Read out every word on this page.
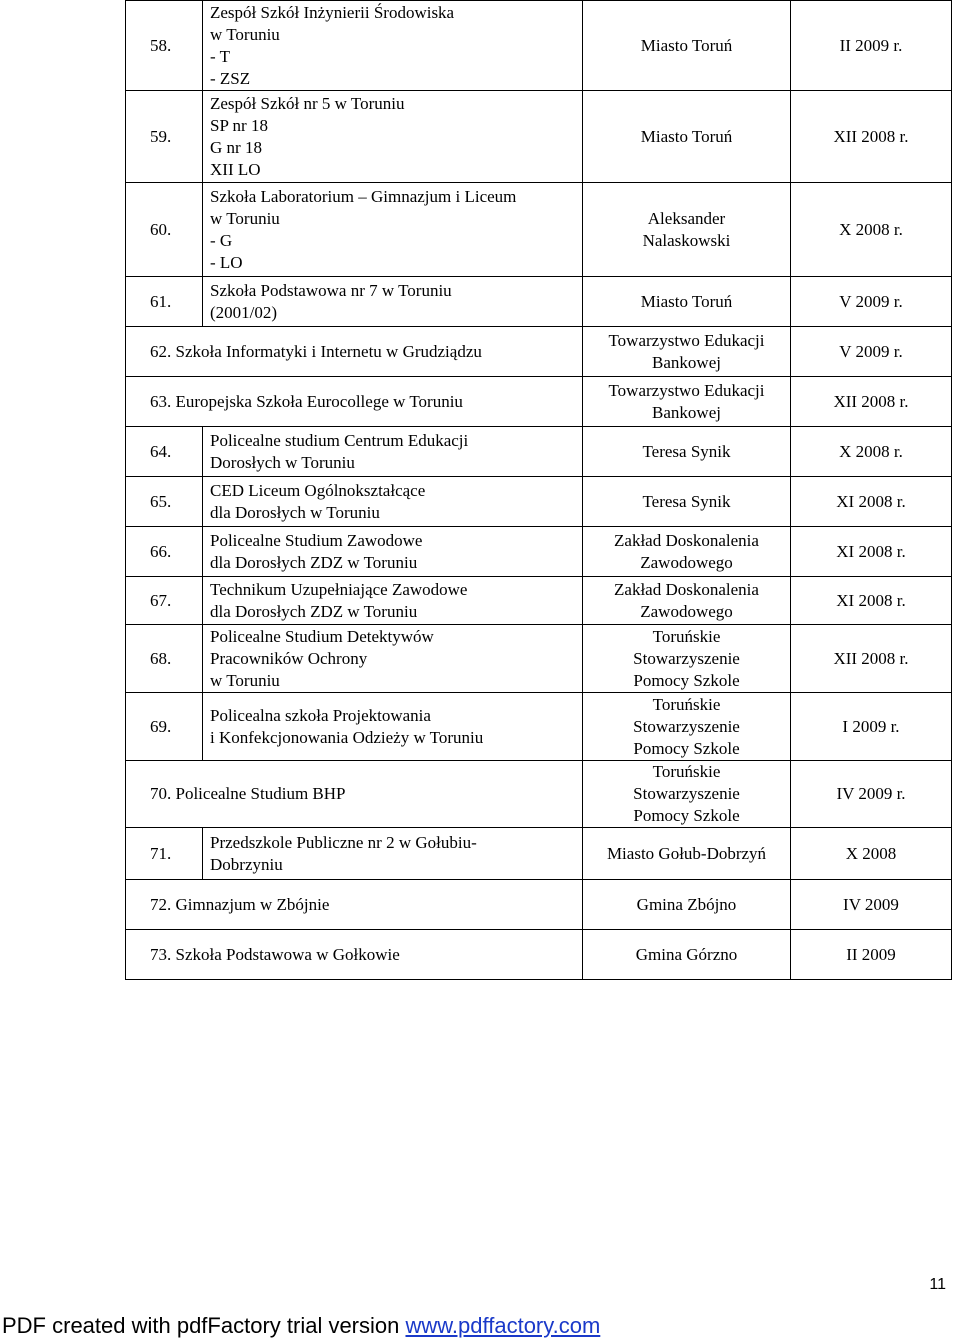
58.	Zespół Szkół Inżynierii Środowiska
w Toruniu
- T
- ZSZ	Miasto Toruń	II 2009 r.
59.	Zespół Szkół nr 5 w Toruniu
SP nr 18
G nr 18
XII LO	Miasto Toruń	XII 2008 r.
60.	Szkoła Laboratorium – Gimnazjum i Liceum
w Toruniu
- G
- LO	Aleksander
Nalaskowski	X 2008 r.
61.	Szkoła Podstawowa nr 7 w Toruniu
(2001/02)	Miasto Toruń	V 2009 r.
62. Szkoła Informatyki i Internetu w Grudziądzu		Towarzystwo Edukacji
Bankowej	V 2009 r.
63. Europejska Szkoła Eurocollege w Toruniu		Towarzystwo Edukacji
Bankowej	XII 2008 r.
64.	Policealne studium Centrum Edukacji
Dorosłych w Toruniu	Teresa Synik	X 2008 r.
65.	CED Liceum Ogólnokształcące
dla Dorosłych w Toruniu	Teresa Synik	XI 2008 r.
66.	Policealne Studium Zawodowe
dla Dorosłych ZDZ w Toruniu	Zakład Doskonalenia
Zawodowego	XI 2008 r.
67.	Technikum Uzupełniające Zawodowe
dla Dorosłych ZDZ w Toruniu	Zakład Doskonalenia
Zawodowego	XI 2008 r.
68.	Policealne Studium Detektywów
Pracowników Ochrony
w Toruniu	Toruńskie
Stowarzyszenie
Pomocy Szkole	XII 2008 r.
69.	Policealna szkoła Projektowania
i Konfekcjonowania Odzieży w Toruniu	Toruńskie
Stowarzyszenie
Pomocy Szkole	I 2009 r.
70. Policealne Studium BHP		Toruńskie
Stowarzyszenie
Pomocy Szkole	IV 2009 r.
71.	Przedszkole Publiczne nr 2 w Gołubiu-
Dobrzyniu	Miasto Gołub-Dobrzyń	X 2008
72. Gimnazjum w Zbójnie		Gmina Zbójno	IV 2009
73. Szkoła Podstawowa w Gołkowie		Gmina Górzno	II 2009
11
PDF created with pdfFactory trial version www.pdffactory.com
